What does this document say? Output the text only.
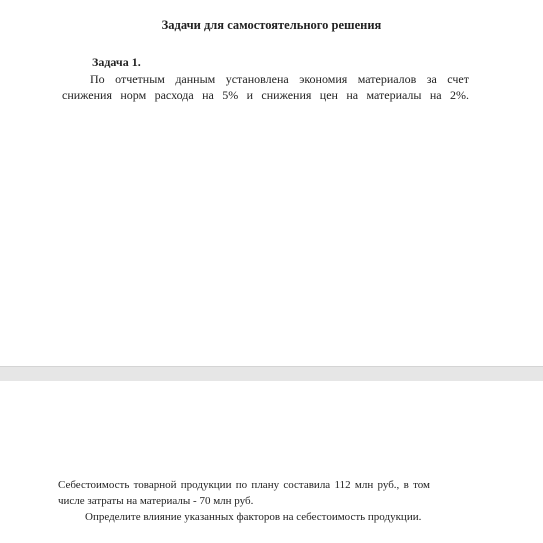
Задачи для самостоятельного решения
Задача 1.
По отчетным данным установлена экономия материалов за счет снижения норм расхода на 5% и снижения цен на материалы на 2%.
Себестоимость товарной продукции по плану составила 112 млн руб., в том числе затраты на материалы - 70 млн руб.
Определите влияние указанных факторов на себестоимость продукции.
